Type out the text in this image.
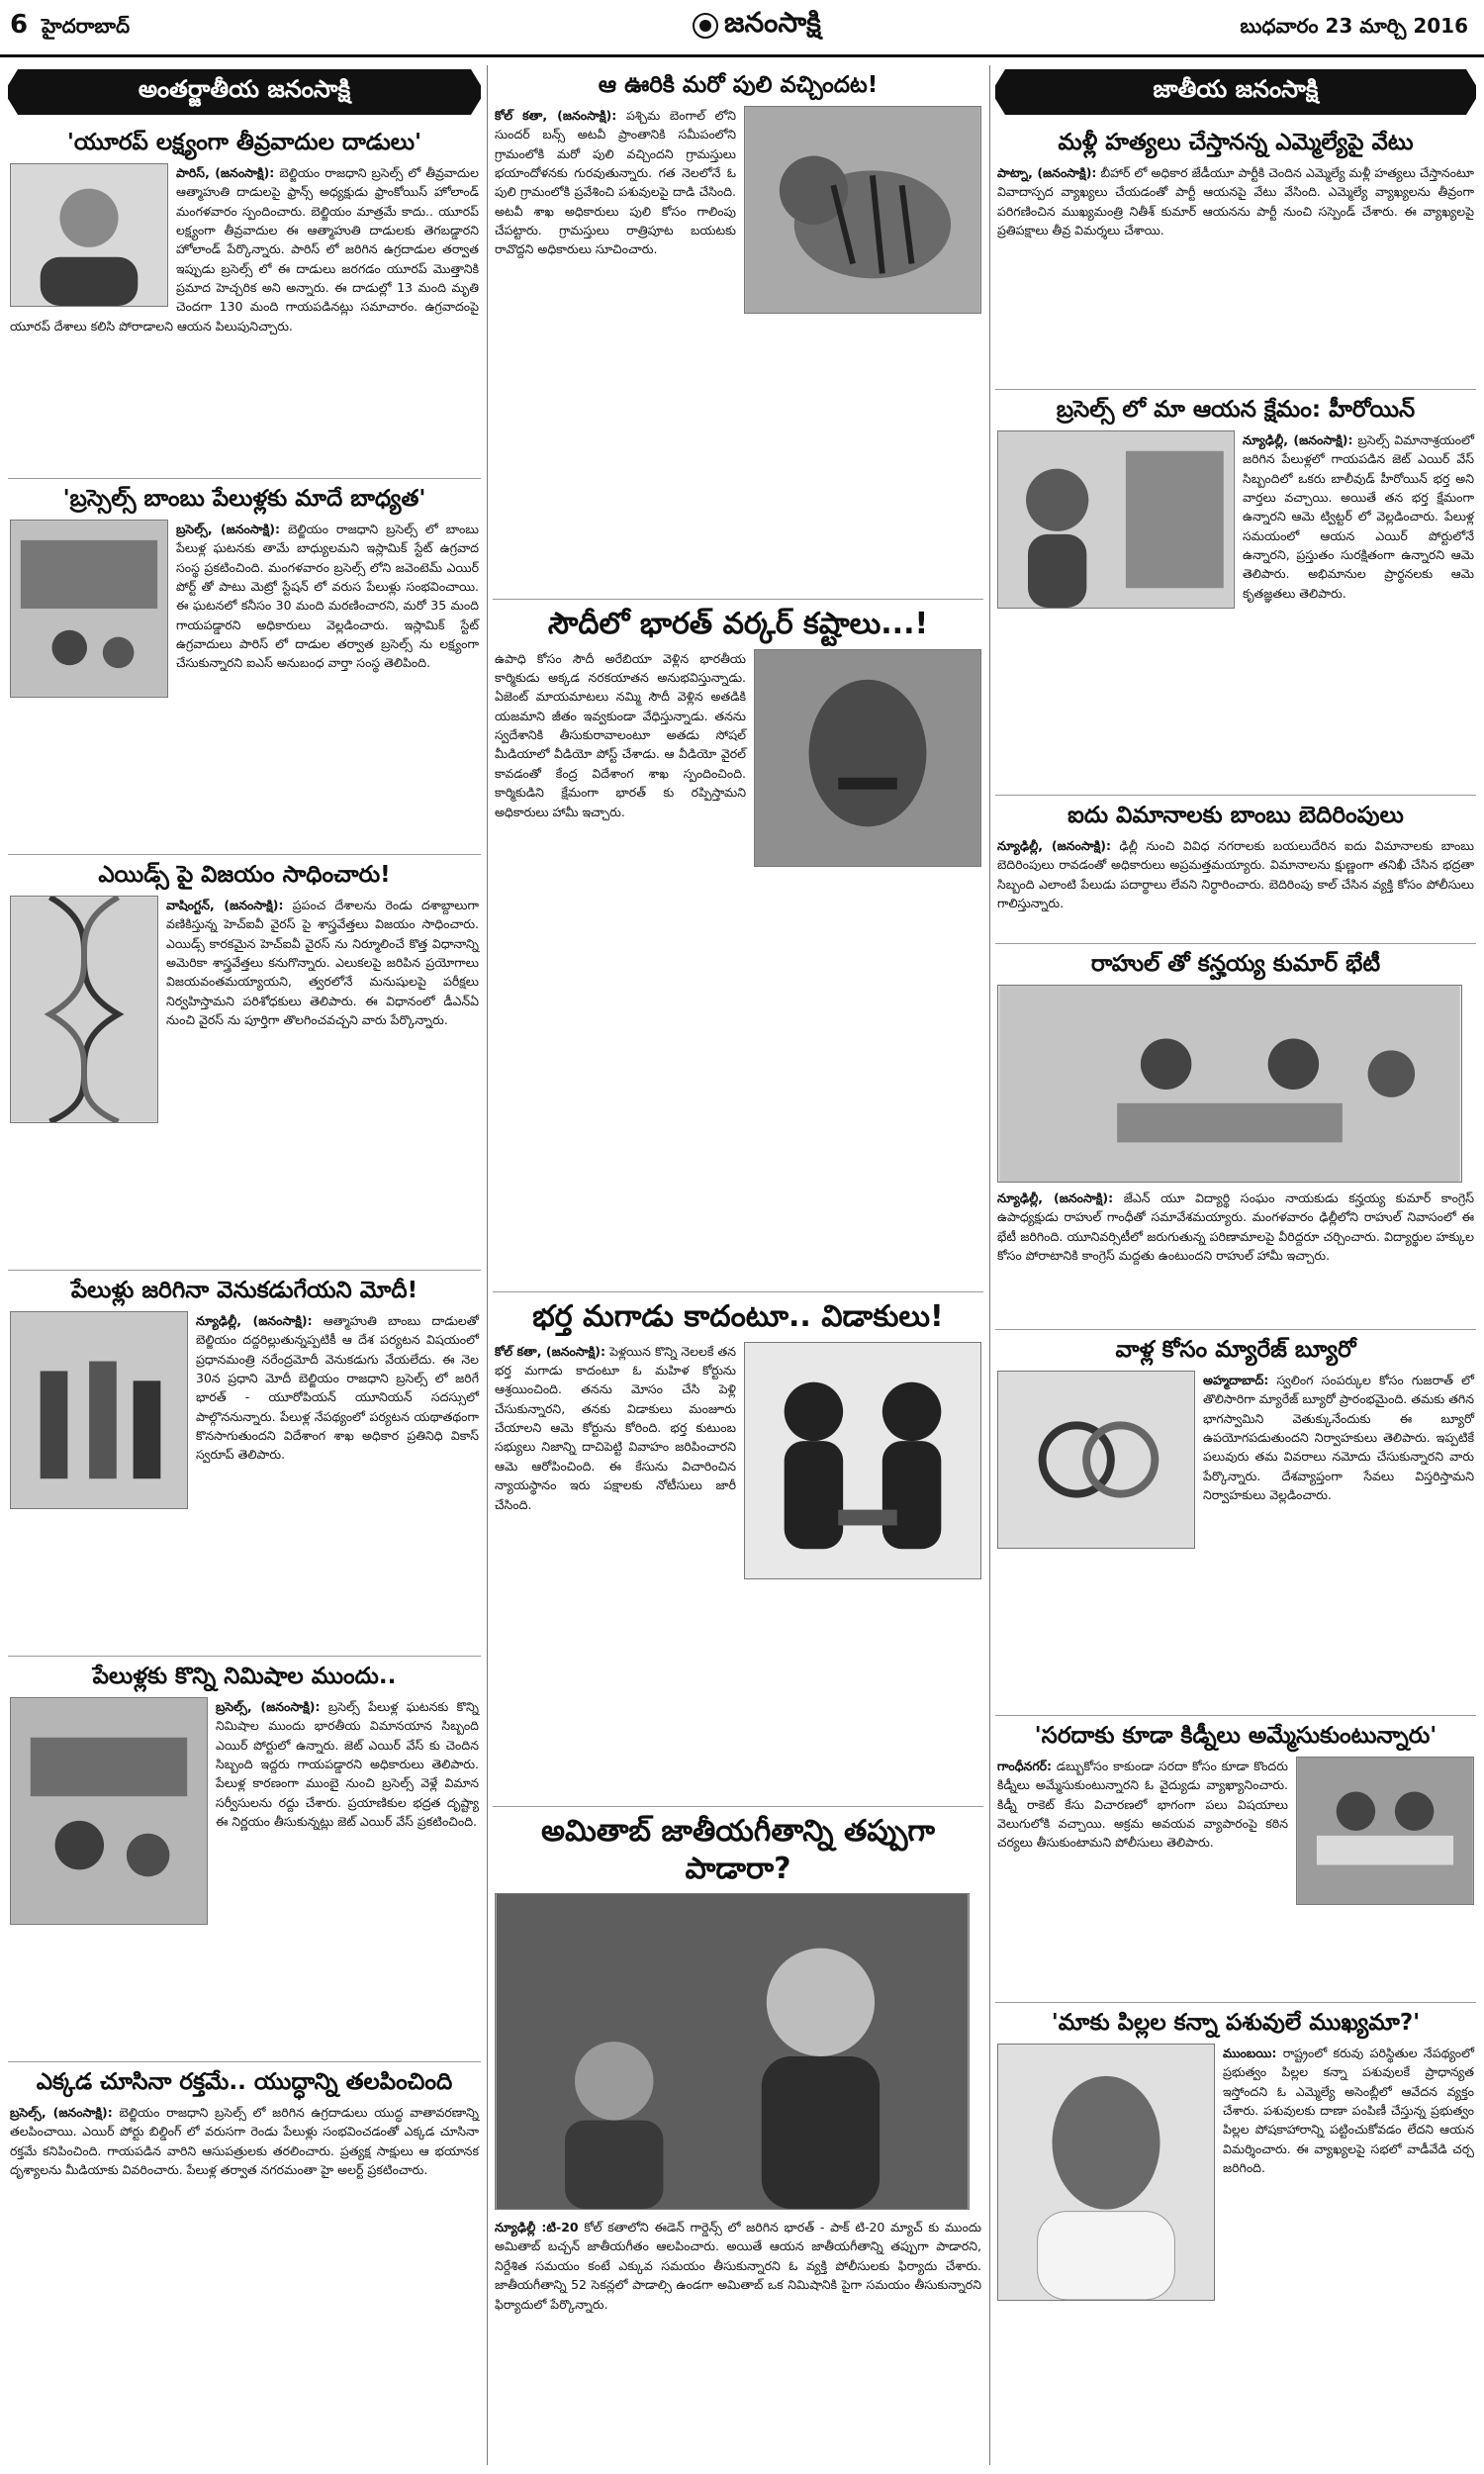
6 హైదరాబాద్	జనంసాక్షి	బుధవారం 23 మార్చి 2016
అంతర్జాతీయ జనంసాక్షి
'యూరప్ లక్ష్యంగా తీవ్రవాదుల దాడులు'
పారిస్, (జనంసాక్షి): బెల్జియం రాజధాని బ్రసెల్స్ లో తీవ్రవాదుల ఆత్మాహుతి దాడులపై ఫ్రాన్స్ అధ్యక్షుడు ఫ్రాంకోయిస్ హోలాండ్ మంగళవారం స్పందించారు. బెల్జియం మాత్రమే కాదు.. యూరప్ లక్ష్యంగా తీవ్రవాదుల ఈ ఆత్మాహుతి దాడులకు తెగబడ్డారని హోలాండ్ పేర్కొన్నారు. పారిస్ లో జరిగిన ఉగ్రదాడుల తర్వాత ఇప్పుడు బ్రసెల్స్ లో ఈ దాడులు జరగడం యూరప్ మొత్తానికి ప్రమాద హెచ్చరిక అని అన్నారు. ఈ దాడుల్లో 13 మంది మృతి చెందగా 130 మంది గాయపడినట్లు సమాచారం. ఉగ్రవాదంపై యూరప్ దేశాలు కలిసి పోరాడాలని ఆయన పిలుపునిచ్చారు.
'బ్రస్సెల్స్ బాంబు పేలుళ్లకు మాదే బాధ్యత'
బ్రసెల్స్, (జనంసాక్షి): బెల్జియం రాజధాని బ్రసెల్స్ లో బాంబు పేలుళ్ల ఘటనకు తామే బాధ్యులమని ఇస్లామిక్ స్టేట్ ఉగ్రవాద సంస్థ ప్రకటించింది. మంగళవారం బ్రసెల్స్ లోని జవెంటెమ్ ఎయిర్ పోర్ట్ తో పాటు మెట్రో స్టేషన్ లో వరుస పేలుళ్లు సంభవించాయి. ఈ ఘటనలో కనీసం 30 మంది మరణించారని, మరో 35 మంది గాయపడ్డారని అధికారులు వెల్లడించారు. ఇస్లామిక్ స్టేట్ ఉగ్రవాదులు పారిస్ లో దాడుల తర్వాత బ్రసెల్స్ ను లక్ష్యంగా చేసుకున్నారని ఐఎస్ అనుబంధ వార్తా సంస్థ తెలిపింది.
ఎయిడ్స్ పై విజయం సాధించారు!
వాషింగ్టన్, (జనంసాక్షి): ప్రపంచ దేశాలను రెండు దశాబ్దాలుగా వణికిస్తున్న హెచ్ఐవీ వైరస్ పై శాస్త్రవేత్తలు విజయం సాధించారు. ఎయిడ్స్ కారకమైన హెచ్ఐవీ వైరస్ ను నిర్మూలించే కొత్త విధానాన్ని అమెరికా శాస్త్రవేత్తలు కనుగొన్నారు. ఎలుకలపై జరిపిన ప్రయోగాలు విజయవంతమయ్యాయని, త్వరలోనే మనుషులపై పరీక్షలు నిర్వహిస్తామని పరిశోధకులు తెలిపారు. ఈ విధానంలో డీఎన్ఏ నుంచి వైరస్ ను పూర్తిగా తొలగించవచ్చని వారు పేర్కొన్నారు.
పేలుళ్లు జరిగినా వెనుకడుగేయని మోదీ!
న్యూఢిల్లీ, (జనంసాక్షి): ఆత్మాహుతి బాంబు దాడులతో బెల్జియం దద్దరిల్లుతున్నప్పటికీ ఆ దేశ పర్యటన విషయంలో ప్రధానమంత్రి నరేంద్రమోదీ వెనుకడుగు వేయలేదు. ఈ నెల 30న ప్రధాని మోదీ బెల్జియం రాజధాని బ్రసెల్స్ లో జరిగే భారత్ - యూరోపియన్ యూనియన్ సదస్సులో పాల్గొననున్నారు. పేలుళ్ల నేపథ్యంలో పర్యటన యథాతథంగా కొనసాగుతుందని విదేశాంగ శాఖ అధికార ప్రతినిధి వికాస్ స్వరూప్ తెలిపారు.
పేలుళ్లకు కొన్ని నిమిషాల ముందు..
బ్రసెల్స్, (జనంసాక్షి): బ్రసెల్స్ పేలుళ్ల ఘటనకు కొన్ని నిమిషాల ముందు భారతీయ విమానయాన సిబ్బంది ఎయిర్ పోర్టులో ఉన్నారు. జెట్ ఎయిర్ వేస్ కు చెందిన సిబ్బంది ఇద్దరు గాయపడ్డారని అధికారులు తెలిపారు. పేలుళ్ల కారణంగా ముంబై నుంచి బ్రసెల్స్ వెళ్లే విమాన సర్వీసులను రద్దు చేశారు. ప్రయాణికుల భద్రత దృష్ట్యా ఈ నిర్ణయం తీసుకున్నట్లు జెట్ ఎయిర్ వేస్ ప్రకటించింది.
ఎక్కడ చూసినా రక్తమే.. యుద్ధాన్ని తలపించింది
బ్రసెల్స్, (జనంసాక్షి): బెల్జియం రాజధాని బ్రసెల్స్ లో జరిగిన ఉగ్రదాడులు యుద్ధ వాతావరణాన్ని తలపించాయి. ఎయిర్ పోర్టు బిల్డింగ్ లో వరుసగా రెండు పేలుళ్లు సంభవించడంతో ఎక్కడ చూసినా రక్తమే కనిపించింది. గాయపడిన వారిని ఆసుపత్రులకు తరలించారు. ప్రత్యక్ష సాక్షులు ఆ భయానక దృశ్యాలను మీడియాకు వివరించారు. పేలుళ్ల తర్వాత నగరమంతా హై అలర్ట్ ప్రకటించారు.
ఆ ఊరికి మరో పులి వచ్చిందట!
కోల్ కతా, (జనంసాక్షి): పశ్చిమ బెంగాల్ లోని సుందర్ బన్స్ అటవీ ప్రాంతానికి సమీపంలోని గ్రామంలోకి మరో పులి వచ్చిందని గ్రామస్తులు భయాందోళనకు గురవుతున్నారు. గత నెలలోనే ఓ పులి గ్రామంలోకి ప్రవేశించి పశువులపై దాడి చేసింది. అటవీ శాఖ అధికారులు పులి కోసం గాలింపు చేపట్టారు. గ్రామస్తులు రాత్రిపూట బయటకు రావొద్దని అధికారులు సూచించారు.
సౌదీలో భారత్ వర్కర్ కష్టాలు...!
ఉపాధి కోసం సౌదీ అరేబియా వెళ్లిన భారతీయ కార్మికుడు అక్కడ నరకయాతన అనుభవిస్తున్నాడు. ఏజెంట్ మాయమాటలు నమ్మి సౌదీ వెళ్లిన అతడికి యజమాని జీతం ఇవ్వకుండా వేధిస్తున్నాడు. తనను స్వదేశానికి తీసుకురావాలంటూ అతడు సోషల్ మీడియాలో వీడియో పోస్ట్ చేశాడు. ఆ వీడియో వైరల్ కావడంతో కేంద్ర విదేశాంగ శాఖ స్పందించింది. కార్మికుడిని క్షేమంగా భారత్ కు రప్పిస్తామని అధికారులు హామీ ఇచ్చారు.
భర్త మగాడు కాదంటూ.. విడాకులు!
కోల్ కతా, (జనంసాక్షి): పెళ్లయిన కొన్ని నెలలకే తన భర్త మగాడు కాదంటూ ఓ మహిళ కోర్టును ఆశ్రయించింది. తనను మోసం చేసి పెళ్లి చేసుకున్నారని, తనకు విడాకులు మంజూరు చేయాలని ఆమె కోర్టును కోరింది. భర్త కుటుంబ సభ్యులు నిజాన్ని దాచిపెట్టి వివాహం జరిపించారని ఆమె ఆరోపించింది. ఈ కేసును విచారించిన న్యాయస్థానం ఇరు పక్షాలకు నోటీసులు జారీ చేసింది.
అమితాబ్ జాతీయగీతాన్ని తప్పుగా పాడారా?
న్యూఢిల్లీ :టి-20 కోల్ కతాలోని ఈడెన్ గార్డెన్స్ లో జరిగిన భారత్ - పాక్ టి-20 మ్యాచ్ కు ముందు అమితాబ్ బచ్చన్ జాతీయగీతం ఆలపించారు. అయితే ఆయన జాతీయగీతాన్ని తప్పుగా పాడారని, నిర్దేశిత సమయం కంటే ఎక్కువ సమయం తీసుకున్నారని ఓ వ్యక్తి పోలీసులకు ఫిర్యాదు చేశారు. జాతీయగీతాన్ని 52 సెకన్లలో పాడాల్సి ఉండగా అమితాబ్ ఒక నిమిషానికి పైగా సమయం తీసుకున్నారని ఫిర్యాదులో పేర్కొన్నారు.
జాతీయ జనంసాక్షి
మళ్లీ హత్యలు చేస్తానన్న ఎమ్మెల్యేపై వేటు
పాట్నా, (జనంసాక్షి): బీహార్ లో అధికార జేడీయూ పార్టీకి చెందిన ఎమ్మెల్యే మళ్లీ హత్యలు చేస్తానంటూ వివాదాస్పద వ్యాఖ్యలు చేయడంతో పార్టీ ఆయనపై వేటు వేసింది. ఎమ్మెల్యే వ్యాఖ్యలను తీవ్రంగా పరిగణించిన ముఖ్యమంత్రి నితీశ్ కుమార్ ఆయనను పార్టీ నుంచి సస్పెండ్ చేశారు. ఈ వ్యాఖ్యలపై ప్రతిపక్షాలు తీవ్ర విమర్శలు చేశాయి.
బ్రసెల్స్ లో మా ఆయన క్షేమం: హీరోయిన్
న్యూఢిల్లీ, (జనంసాక్షి): బ్రసెల్స్ విమానాశ్రయంలో జరిగిన పేలుళ్లలో గాయపడిన జెట్ ఎయిర్ వేస్ సిబ్బందిలో ఒకరు బాలీవుడ్ హీరోయిన్ భర్త అని వార్తలు వచ్చాయి. అయితే తన భర్త క్షేమంగా ఉన్నారని ఆమె ట్విట్టర్ లో వెల్లడించారు. పేలుళ్ల సమయంలో ఆయన ఎయిర్ పోర్టులోనే ఉన్నారని, ప్రస్తుతం సురక్షితంగా ఉన్నారని ఆమె తెలిపారు. అభిమానుల ప్రార్థనలకు ఆమె కృతజ్ఞతలు తెలిపారు.
ఐదు విమానాలకు బాంబు బెదిరింపులు
న్యూఢిల్లీ, (జనంసాక్షి): ఢిల్లీ నుంచి వివిధ నగరాలకు బయలుదేరిన ఐదు విమానాలకు బాంబు బెదిరింపులు రావడంతో అధికారులు అప్రమత్తమయ్యారు. విమానాలను క్షుణ్ణంగా తనిఖీ చేసిన భద్రతా సిబ్బంది ఎలాంటి పేలుడు పదార్థాలు లేవని నిర్ధారించారు. బెదిరింపు కాల్ చేసిన వ్యక్తి కోసం పోలీసులు గాలిస్తున్నారు.
రాహుల్ తో కన్హయ్య కుమార్ భేటీ
న్యూఢిల్లీ, (జనంసాక్షి): జేఎన్ యూ విద్యార్థి సంఘం నాయకుడు కన్హయ్య కుమార్ కాంగ్రెస్ ఉపాధ్యక్షుడు రాహుల్ గాంధీతో సమావేశమయ్యారు. మంగళవారం ఢిల్లీలోని రాహుల్ నివాసంలో ఈ భేటీ జరిగింది. యూనివర్సిటీలో జరుగుతున్న పరిణామాలపై వీరిద్దరూ చర్చించారు. విద్యార్థుల హక్కుల కోసం పోరాటానికి కాంగ్రెస్ మద్దతు ఉంటుందని రాహుల్ హామీ ఇచ్చారు.
వాళ్ల కోసం మ్యారేజ్ బ్యూరో
అహ్మదాబాద్: స్వలింగ సంపర్కుల కోసం గుజరాత్ లో తొలిసారిగా మ్యారేజ్ బ్యూరో ప్రారంభమైంది. తమకు తగిన భాగస్వామిని వెతుక్కునేందుకు ఈ బ్యూరో ఉపయోగపడుతుందని నిర్వాహకులు తెలిపారు. ఇప్పటికే పలువురు తమ వివరాలు నమోదు చేసుకున్నారని వారు పేర్కొన్నారు. దేశవ్యాప్తంగా సేవలు విస్తరిస్తామని నిర్వాహకులు వెల్లడించారు.
'సరదాకు కూడా కిడ్నీలు అమ్మేసుకుంటున్నారు'
గాంధీనగర్: డబ్బుకోసం కాకుండా సరదా కోసం కూడా కొందరు కిడ్నీలు అమ్మేసుకుంటున్నారని ఓ వైద్యుడు వ్యాఖ్యానించారు. కిడ్నీ రాకెట్ కేసు విచారణలో భాగంగా పలు విషయాలు వెలుగులోకి వచ్చాయి. అక్రమ అవయవ వ్యాపారంపై కఠిన చర్యలు తీసుకుంటామని పోలీసులు తెలిపారు.
'మాకు పిల్లల కన్నా పశువులే ముఖ్యమా?'
ముంబయి: రాష్ట్రంలో కరువు పరిస్థితుల నేపథ్యంలో ప్రభుత్వం పిల్లల కన్నా పశువులకే ప్రాధాన్యత ఇస్తోందని ఓ ఎమ్మెల్యే అసెంబ్లీలో ఆవేదన వ్యక్తం చేశారు. పశువులకు దాణా పంపిణీ చేస్తున్న ప్రభుత్వం పిల్లల పోషకాహారాన్ని పట్టించుకోవడం లేదని ఆయన విమర్శించారు. ఈ వ్యాఖ్యలపై సభలో వాడీవేడి చర్చ జరిగింది.
